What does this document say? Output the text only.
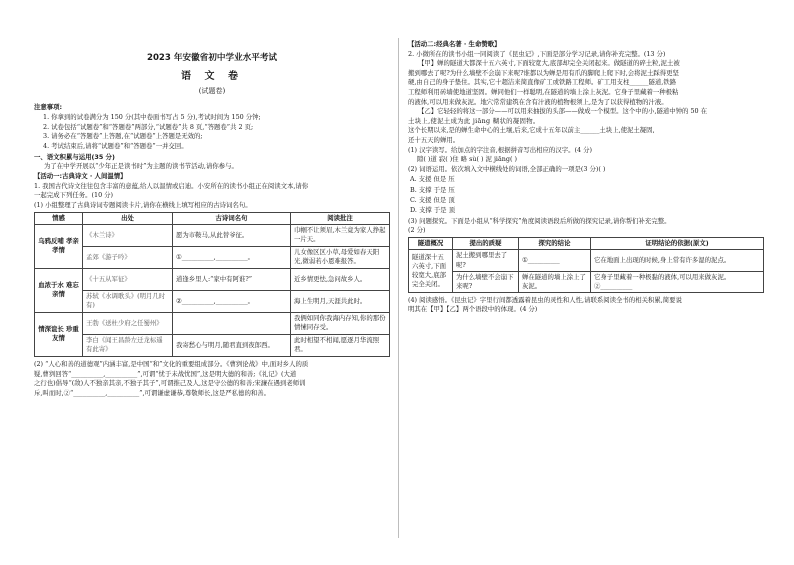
2023 年安徽省初中学业水平考试
语 文 卷
(试题卷)
注意事项:
1. 你拿到的试卷满分为 150 分(其中卷面书写占 5 分),考试时间为 150 分钟;
2. 试卷包括“试题卷”和“答题卷”两部分,“试题卷”共 8 页,“答题卷”共 2 页;
3. 请务必在“答题卷”上答题,在“试题卷”上答题是无效的;
4. 考试结束后,请将“试题卷”和“答题卷”一并交回。
一、语文积累与运用(35 分)
为了在中学开展以“少年正是读书时”为主题的读书节活动,请你参与。
【活动一:古典诗文 · 人间温情】
1. 我国古代诗文往往包含丰富的意蕴,给人以温情或启迪。小安所在的读书小组正在阅读文本,请你
一起完成下列任务。(10 分)
(1) 小组整理了古典诗词专题阅读卡片,请你在横线上填写相应的古诗词名句。
情感	出处	古诗词名句	阅读批注
乌鸦反哺 孝亲孝情	《木兰诗》	愿为市鞍马,从此替爷征。	巾帼不让须眉,木兰竟为家人挣起一片天。
	孟郊《游子吟》	①__________,__________。	儿女像区区小草,母爱如春天阳光,微弱若小恩难报答。
血浓于水 难忘亲情	《十五从军征》	道逢乡里人:“家中有阿谁?”	近乡情更怯,急问故乡人。
	苏轼《水调歌头》(明月几时有)	②__________,__________。	海上生明月,天涯共此时。
情深谊长 珍重友情	王勃《送杜少府之任蜀州》		我俩如同你我海内存知,你的那份情愫同存受。
	李白《闻王昌龄左迁龙标遥有此寄》	我寄愁心与明月,随君直到夜郎西。	此时相望不相闻,愿逐月华流照君。
(2) “人心和善的道德观”内涵丰富,是中国“和”文化的重要组成部分。《曹刿论战》中,面对乡人的质
疑,曹刿回答“__________,__________”,可谓“忧于未战忧国”,这是明大德的和善;《礼记》(大道
之行也)倡导“(敌)人不独亲其亲,不独子其子”,可谓推己及人,这是守公德的和善;宋濂在遇到老师训
斥,叫而时,②“__________,__________”,可谓谦虚谦恭,尊敬师长,这是严私德的和善。
【活动二:经典名著 · 生命赞歌】
2. 小微所在的读书小组一同阅读了《昆虫记》,下面是部分学习记录,请你补充完整。(13 分)
【甲】蝉的隧道大都深十五六英寸,下面较宽大,底部却完全关闭起来。做隧道的碎土粒,泥土被
搬到哪去了呢?为什么墙壁不会崩下来呢?谁都以为蝉是用有爪的脚爬上爬下时,会将泥土踩得更坚
硬,由自己的身子垫住。其实,它十超洁来简直像矿工或铁路工程师。矿工用支柱______隧道,铁路
工程师利用砖墙使地道坚固。蝉同他们一样聪明,在隧道的墙上涂上灰泥。它身子里藏着一种极粘
的液体,可以用来做灰泥。地穴常常建筑在含有汁液的植物根须上,是为了以获得植物的汁液。
【乙】它轻轻的将这一部分——可以用来抽拔的头部——做成一个模型。这个中的小,隧道中钟的 50 在
土块上,使泥土成为此 jiāng 糊状的凝固物。
这个长期以来,是的蝉生命中心的土壤,后来,它成十五年以前主______土块上,使泥土凝固,
还十五天的蝉用。
(1) 汉字读写。给加点的字注音,根据拼音写出相应的汉字。(4 分)
隙( )道 寂( )住 略 sù( ) 泥 jiāng( )
(2) 词语运用。依次填入文中横线处的词语,全部正确的一项是(3 分)( )
A. 支援 但是 压
B. 支撑 于是 压
C. 支援 但是 顶
D. 支撑 于是 顶
(3) 问题探究。下面是小组从“科学探究”角度阅读语段后所做的探究记录,请你帮们补充完整。
(2 分)
隧道概况	提出的质疑	探究的结论	证明结论的依据(原文)
隧道深十五六英寸,下面较宽大,底部完全关闭。	泥土搬到哪里去了呢?	①__________	它在地面上出现的时候,身上常有许多湿的泥点。
	为什么墙壁不会崩下来呢?	蝉在隧道的墙上涂上了灰泥。	它身子里藏着一种极黏的液体,可以用来做灰泥。②__________
(4) 阅读感悟。《昆虫记》字里行间都透露着昆虫的灵性和人性,请联系阅读全书的相关积累,简要说
明其在【甲】【乙】两个语段中的体现。(4 分)
